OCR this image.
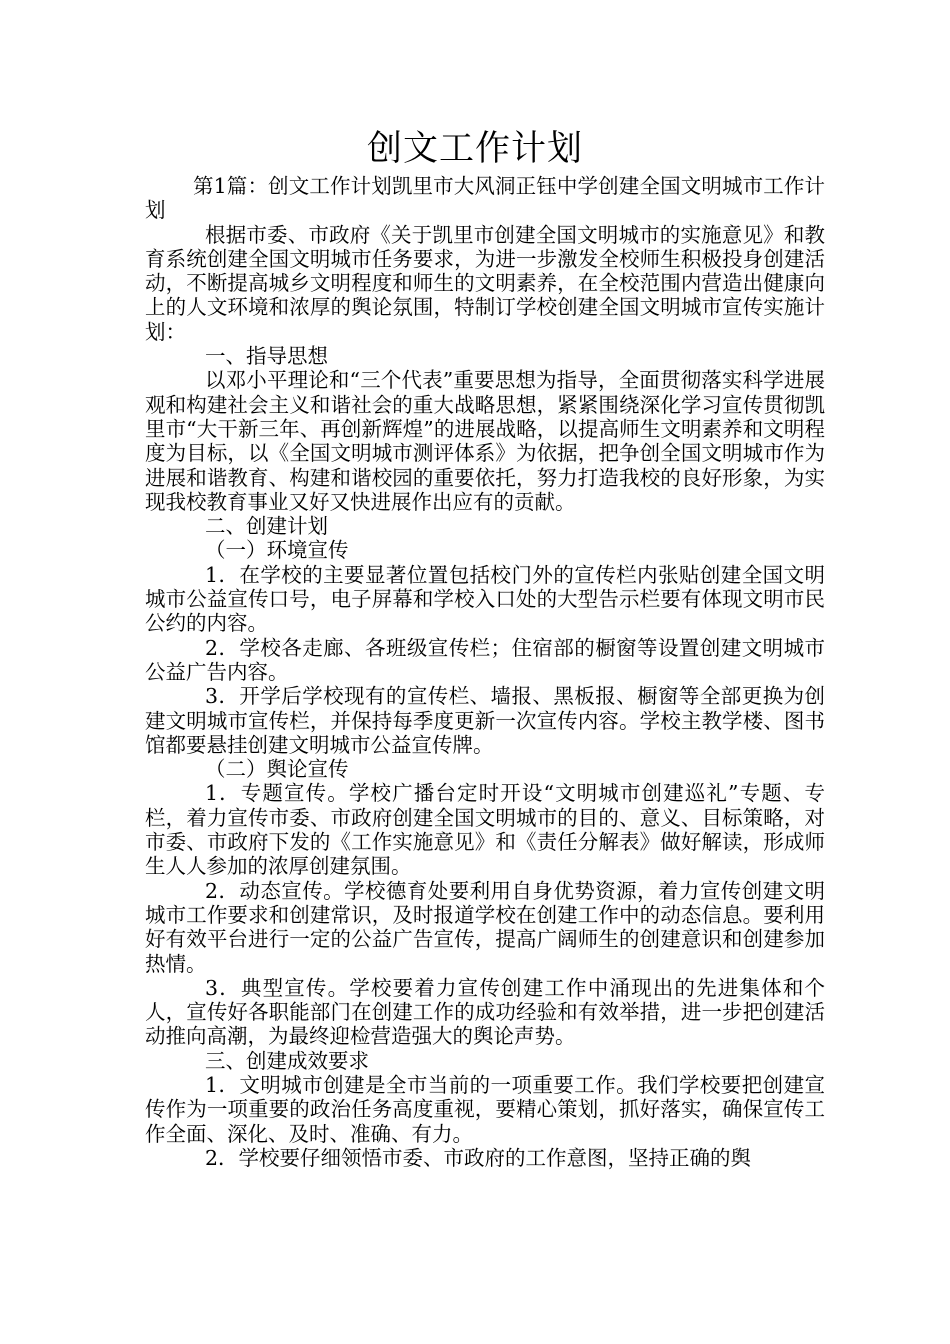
创文工作计划

第1篇：创文工作计划凯里市大风洞正钰中学创建全国文明城市工作计划

根据市委、市政府《关于凯里市创建全国文明城市的实施意见》和教育系统创建全国文明城市任务要求，为进一步激发全校师生积极投身创建活动，不断提高城乡文明程度和师生的文明素养，在全校范围内营造出健康向上的人文环境和浓厚的舆论氛围，特制订学校创建全国文明城市宣传实施计划：

一、指导思想

以邓小平理论和“三个代表”重要思想为指导，全面贯彻落实科学进展观和构建社会主义和谐社会的重大战略思想，紧紧围绕深化学习宣传贯彻凯里市“大干新三年、再创新辉煌”的进展战略，以提高师生文明素养和文明程度为目标，以《全国文明城市测评体系》为依据，把争创全国文明城市作为进展和谐教育、构建和谐校园的重要依托，努力打造我校的良好形象，为实现我校教育事业又好又快进展作出应有的贡献。

二、创建计划

（一）环境宣传

1．在学校的主要显著位置包括校门外的宣传栏内张贴创建全国文明城市公益宣传口号，电子屏幕和学校入口处的大型告示栏要有体现文明市民公约的内容。

2．学校各走廊、各班级宣传栏；住宿部的橱窗等设置创建文明城市公益广告内容。

3．开学后学校现有的宣传栏、墙报、黑板报、橱窗等全部更换为创建文明城市宣传栏，并保持每季度更新一次宣传内容。学校主教学楼、图书馆都要悬挂创建文明城市公益宣传牌。

（二）舆论宣传

1．专题宣传。学校广播台定时开设“文明城市创建巡礼”专题、专栏，着力宣传市委、市政府创建全国文明城市的目的、意义、目标策略，对市委、市政府下发的《工作实施意见》和《责任分解表》做好解读，形成师生人人参加的浓厚创建氛围。

2．动态宣传。学校德育处要利用自身优势资源，着力宣传创建文明城市工作要求和创建常识，及时报道学校在创建工作中的动态信息。要利用好有效平台进行一定的公益广告宣传，提高广阔师生的创建意识和创建参加热情。

3．典型宣传。学校要着力宣传创建工作中涌现出的先进集体和个人，宣传好各职能部门在创建工作的成功经验和有效举措，进一步把创建活动推向高潮，为最终迎检营造强大的舆论声势。

三、创建成效要求

1．文明城市创建是全市当前的一项重要工作。我们学校要把创建宣传作为一项重要的政治任务高度重视，要精心策划，抓好落实，确保宣传工作全面、深化、及时、准确、有力。

2．学校要仔细领悟市委、市政府的工作意图，坚持正确的舆
